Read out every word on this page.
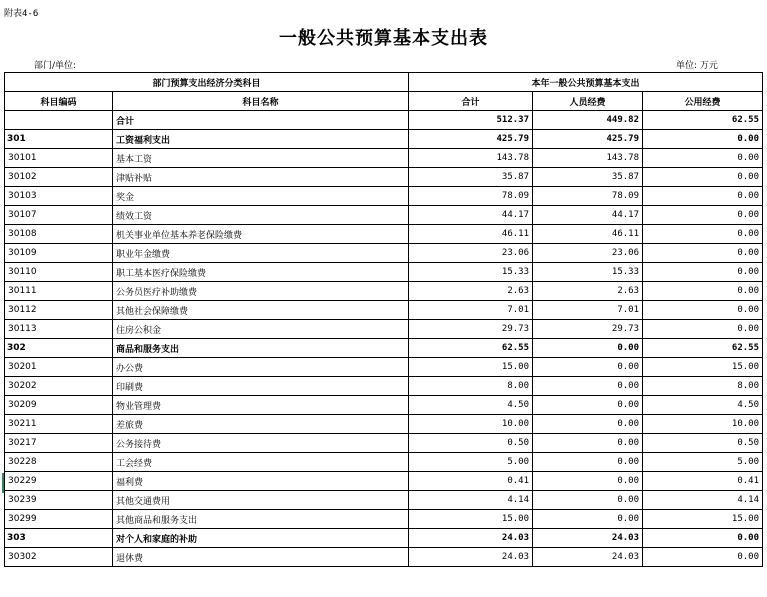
附表4-6
一般公共预算基本支出表
部门/单位:	单位: 万元
部门预算支出经济分类科目		本年一般公共预算基本支出		
科目编码	科目名称	合计	人员经费	公用经费
	合计	512.37	449.82	62.55
301	工资福利支出	425.79	425.79	0.00
30101	基本工资	143.78	143.78	0.00
30102	津贴补贴	35.87	35.87	0.00
30103	奖金	78.09	78.09	0.00
30107	绩效工资	44.17	44.17	0.00
30108	机关事业单位基本养老保险缴费	46.11	46.11	0.00
30109	职业年金缴费	23.06	23.06	0.00
30110	职工基本医疗保险缴费	15.33	15.33	0.00
30111	公务员医疗补助缴费	2.63	2.63	0.00
30112	其他社会保障缴费	7.01	7.01	0.00
30113	住房公积金	29.73	29.73	0.00
302	商品和服务支出	62.55	0.00	62.55
30201	办公费	15.00	0.00	15.00
30202	印刷费	8.00	0.00	8.00
30209	物业管理费	4.50	0.00	4.50
30211	差旅费	10.00	0.00	10.00
30217	公务接待费	0.50	0.00	0.50
30228	工会经费	5.00	0.00	5.00
30229	福利费	0.41	0.00	0.41
30239	其他交通费用	4.14	0.00	4.14
30299	其他商品和服务支出	15.00	0.00	15.00
303	对个人和家庭的补助	24.03	24.03	0.00
30302	退休费	24.03	24.03	0.00
